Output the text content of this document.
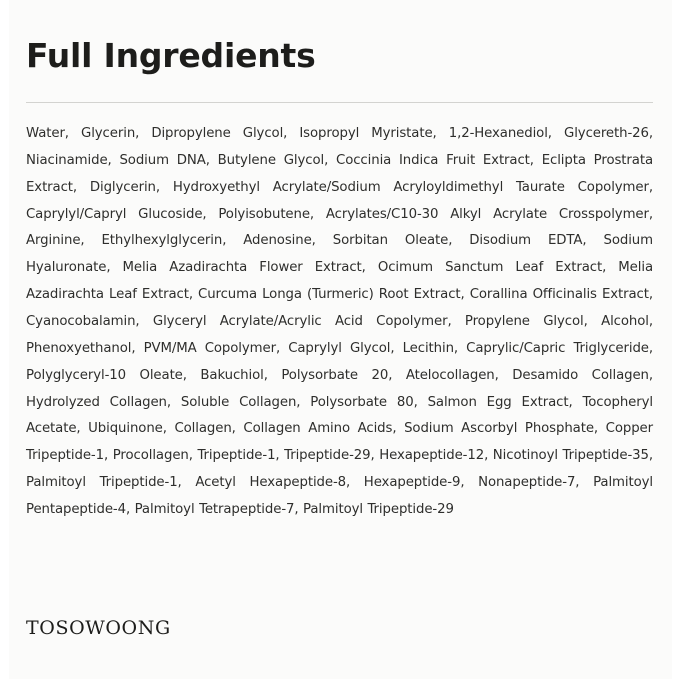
Full Ingredients
Water, Glycerin, Dipropylene Glycol, Isopropyl Myristate, 1,2-Hexanediol, Glycereth-26, Niacinamide, Sodium DNA, Butylene Glycol, Coccinia Indica Fruit Extract, Eclipta Prostrata Extract, Diglycerin, Hydroxyethyl Acrylate/Sodium Acryloyldimethyl Taurate Copolymer, Caprylyl/Capryl Glucoside, Polyisobutene, Acrylates/C10-30 Alkyl Acrylate Crosspolymer, Arginine, Ethylhexylglycerin, Adenosine, Sorbitan Oleate, Disodium EDTA, Sodium Hyaluronate, Melia Azadirachta Flower Extract, Ocimum Sanctum Leaf Extract, Melia Azadirachta Leaf Extract, Curcuma Longa (Turmeric) Root Extract, Corallina Officinalis Extract, Cyanocobalamin, Glyceryl Acrylate/Acrylic Acid Copolymer, Propylene Glycol, Alcohol, Phenoxyethanol, PVM/MA Copolymer, Caprylyl Glycol, Lecithin, Caprylic/Capric Triglyceride, Polyglyceryl-10 Oleate, Bakuchiol, Polysorbate 20, Atelocollagen, Desamido Collagen, Hydrolyzed Collagen, Soluble Collagen, Polysorbate 80, Salmon Egg Extract, Tocopheryl Acetate, Ubiquinone, Collagen, Collagen Amino Acids, Sodium Ascorbyl Phosphate, Copper Tripeptide-1, Procollagen, Tripeptide-1, Tripeptide-29, Hexapeptide-12, Nicotinoyl Tripeptide-35, Palmitoyl Tripeptide-1, Acetyl Hexapeptide-8, Hexapeptide-9, Nonapeptide-7, Palmitoyl Pentapeptide-4, Palmitoyl Tetrapeptide-7, Palmitoyl Tripeptide-29
TOSOWOONG
